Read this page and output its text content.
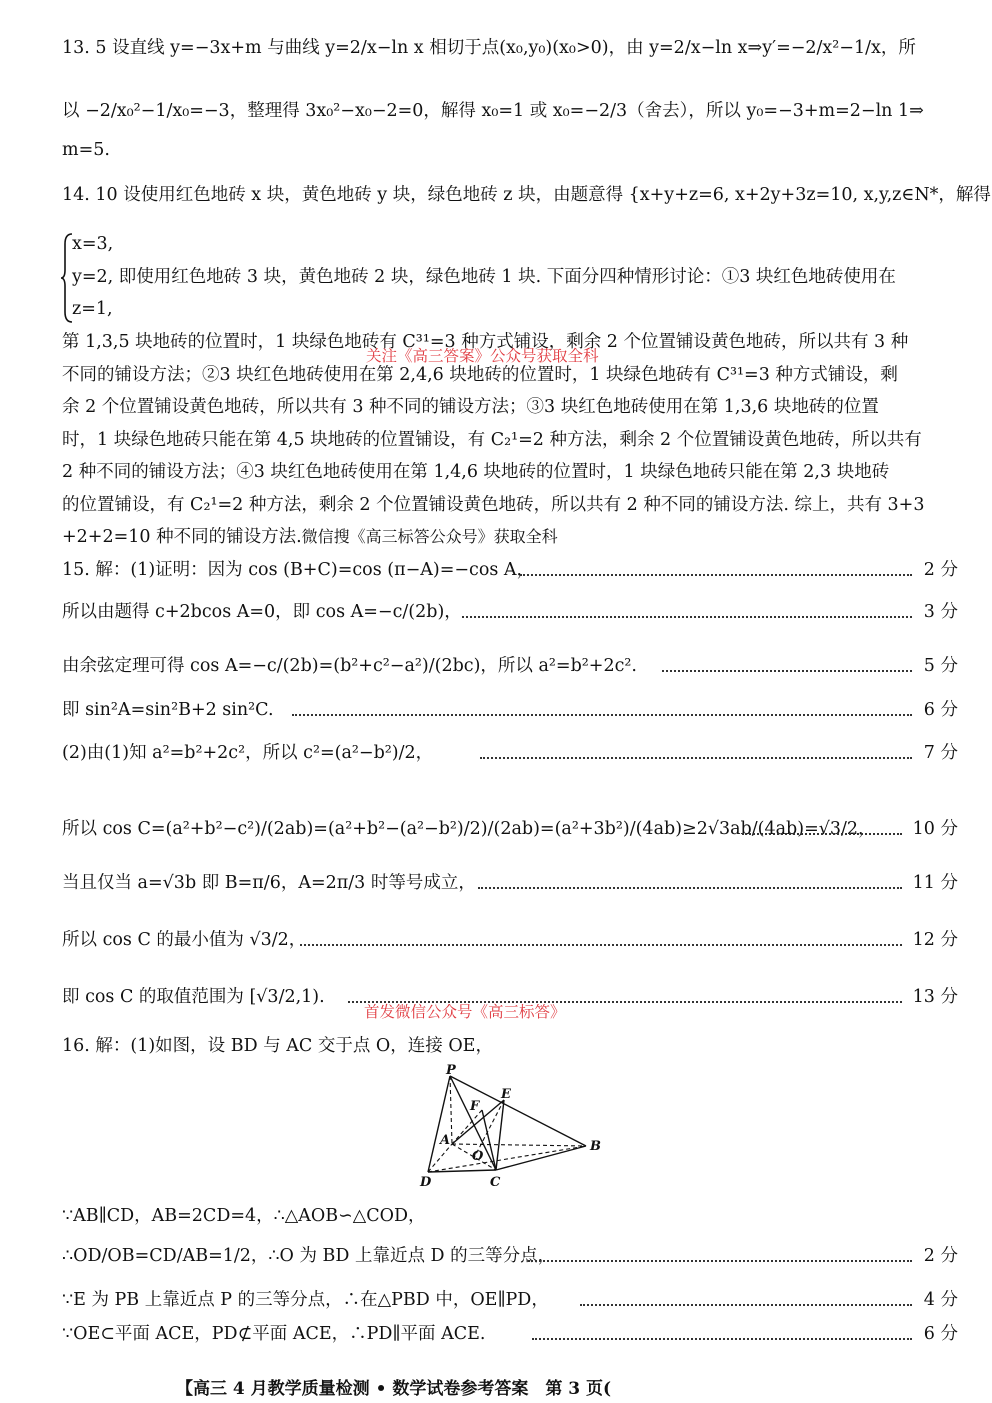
13. 5 设直线 y=−3x+m 与曲线 y=2/x−ln x 相切于点(x₀,y₀)(x₀>0)，由 y=2/x−ln x⇒y′=−2/x²−1/x，所
以 −2/x₀²−1/x₀=−3，整理得 3x₀²−x₀−2=0，解得 x₀=1 或 x₀=−2/3（舍去），所以 y₀=−3+m=2−ln 1⇒
m=5.
14. 10 设使用红色地砖 x 块，黄色地砖 y 块，绿色地砖 z 块，由题意得 {x+y+z=6, x+2y+3z=10, x,y,z∈N*，解得
x=3,
y=2, 即使用红色地砖 3 块，黄色地砖 2 块，绿色地砖 1 块. 下面分四种情形讨论：①3 块红色地砖使用在
z=1,
第 1,3,5 块地砖的位置时，1 块绿色地砖有 C³¹=3 种方式铺设，剩余 2 个位置铺设黄色地砖，所以共有 3 种
不同的铺设方法；②3 块红色地砖使用在第 2,4,6 块地砖的位置时，1 块绿色地砖有 C³¹=3 种方式铺设，剩
余 2 个位置铺设黄色地砖，所以共有 3 种不同的铺设方法；③3 块红色地砖使用在第 1,3,6 块地砖的位置
时，1 块绿色地砖只能在第 4,5 块地砖的位置铺设，有 C₂¹=2 种方法，剩余 2 个位置铺设黄色地砖，所以共有
2 种不同的铺设方法；④3 块红色地砖使用在第 1,4,6 块地砖的位置时，1 块绿色地砖只能在第 2,3 块地砖
的位置铺设，有 C₂¹=2 种方法，剩余 2 个位置铺设黄色地砖，所以共有 2 种不同的铺设方法. 综上，共有 3+3
+2+2=10 种不同的铺设方法.微信搜《高三标答公众号》获取全科
关注《高三答案》公众号获取全科
15. 解：(1)证明：因为 cos (B+C)=cos (π−A)=−cos A，	2 分
所以由题得 c+2bcos A=0，即 cos A=−c/(2b)，	3 分
由余弦定理可得 cos A=−c/(2b)=(b²+c²−a²)/(2bc)，所以 a²=b²+2c².	5 分
即 sin²A=sin²B+2 sin²C.	6 分
(2)由(1)知 a²=b²+2c²，所以 c²=(a²−b²)/2，	7 分
所以 cos C=(a²+b²−c²)/(2ab)=(a²+b²−(a²−b²)/2)/(2ab)=(a²+3b²)/(4ab)≥2√3ab/(4ab)=√3/2， 10 分
当且仅当 a=√3b 即 B=π/6，A=2π/3 时等号成立，	11 分
所以 cos C 的最小值为 √3/2，	12 分
即 cos C 的取值范围为 [√3/2,1).	13 分
首发微信公众号《高三标答》
16. 解：(1)如图，设 BD 与 AC 交于点 O，连接 OE，
P
E
F
A
O
B
D	C
∵AB∥CD，AB=2CD=4，∴△AOB∽△COD，
∴OD/OB=CD/AB=1/2，∴O 为 BD 上靠近点 D 的三等分点，	2 分
∵E 为 PB 上靠近点 P 的三等分点，∴在△PBD 中，OE∥PD，	4 分
∵OE⊂平面 ACE，PD⊄平面 ACE，∴PD∥平面 ACE.	6 分
【高三 4 月教学质量检测 • 数学试卷参考答案　第 3 页(
